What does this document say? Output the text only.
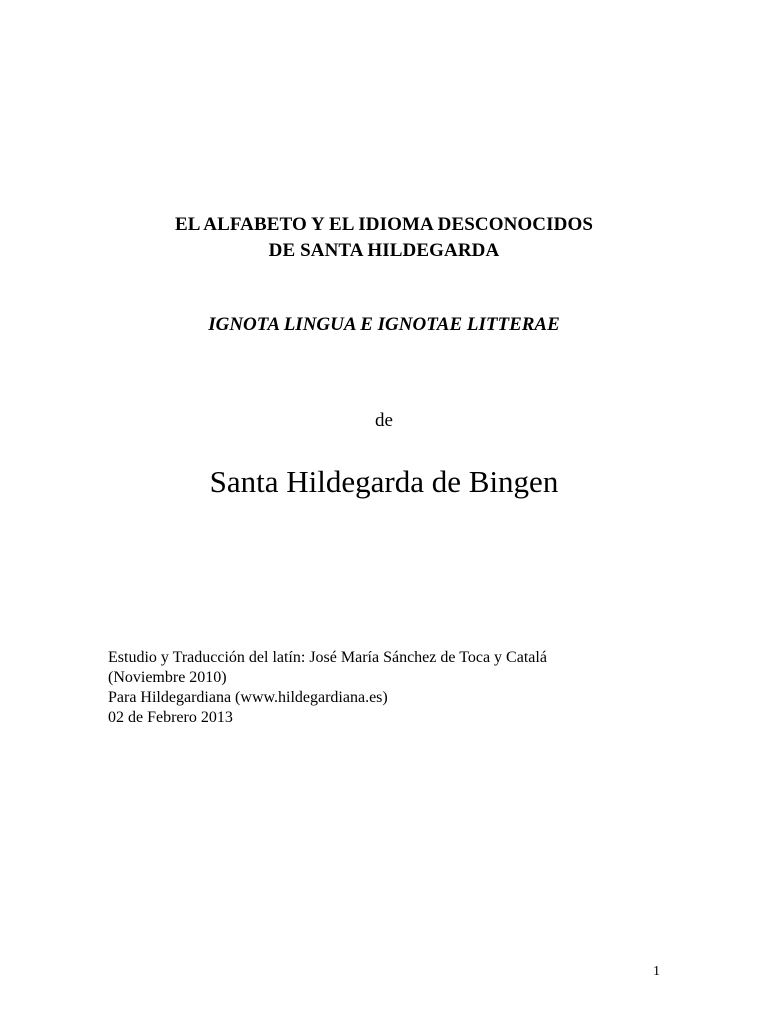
EL ALFABETO Y EL IDIOMA DESCONOCIDOS
DE SANTA HILDEGARDA
IGNOTA LINGUA E IGNOTAE LITTERAE
de
Santa Hildegarda de Bingen
Estudio y Traducción del latín: José María Sánchez de Toca y Catalá
(Noviembre 2010)
Para Hildegardiana (www.hildegardiana.es)
02 de Febrero 2013
1
